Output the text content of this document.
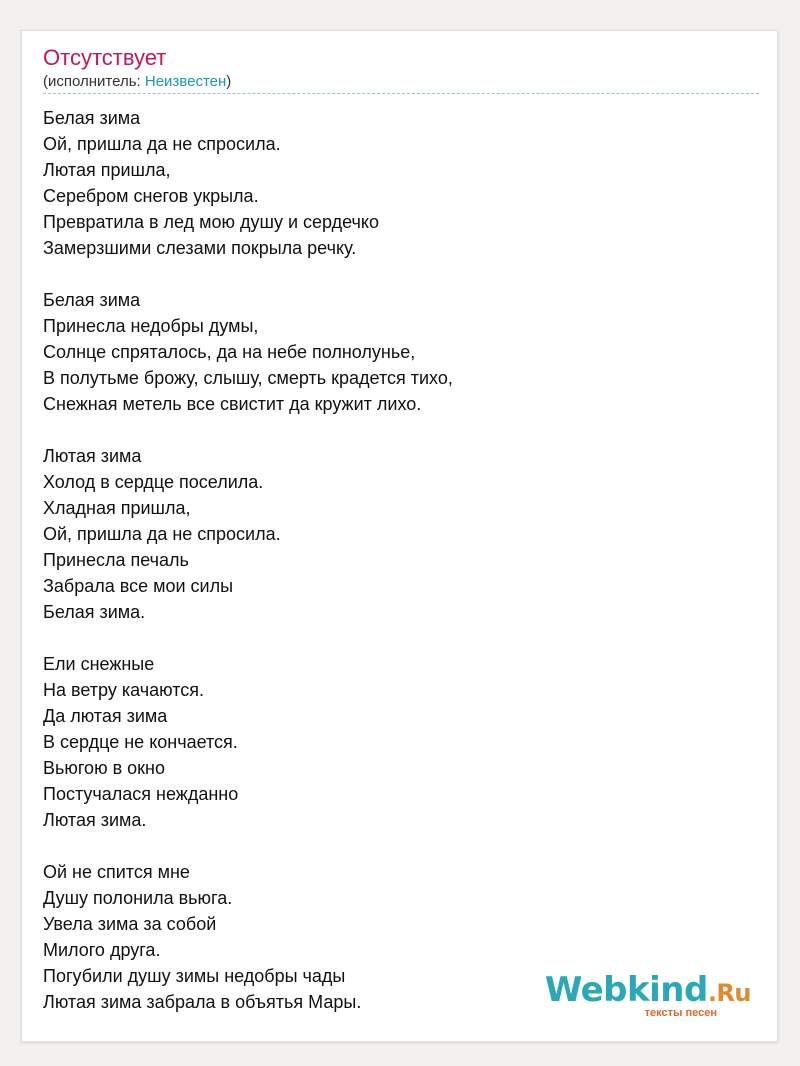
Отсутствует
(исполнитель: Неизвестен)
Белая зима
Ой, пришла да не спросила.
Лютая пришла,
Серебром снегов укрыла.
Превратила в лед мою душу и сердечко
Замерзшими слезами покрыла речку.
Белая зима
Принесла недобры думы,
Солнце спряталось, да на небе полнолунье,
В полутьме брожу, слышу, смерть крадется тихо,
Снежная метель все свистит да кружит лихо.
Лютая зима
Холод в сердце поселила.
Хладная пришла,
Ой, пришла да не спросила.
Принесла печаль
Забрала все мои силы
Белая зима.
Ели снежные
На ветру качаются.
Да лютая зима
В сердце не кончается.
Вьюгою в окно
Постучалася нежданно
Лютая зима.
Ой не спится мне
Душу полонила вьюга.
Увела зима за собой
Милого друга.
Погубили душу зимы недобры чады
Лютая зима забрала в объятья Мары.	Webkind.Ru
тексты песен
